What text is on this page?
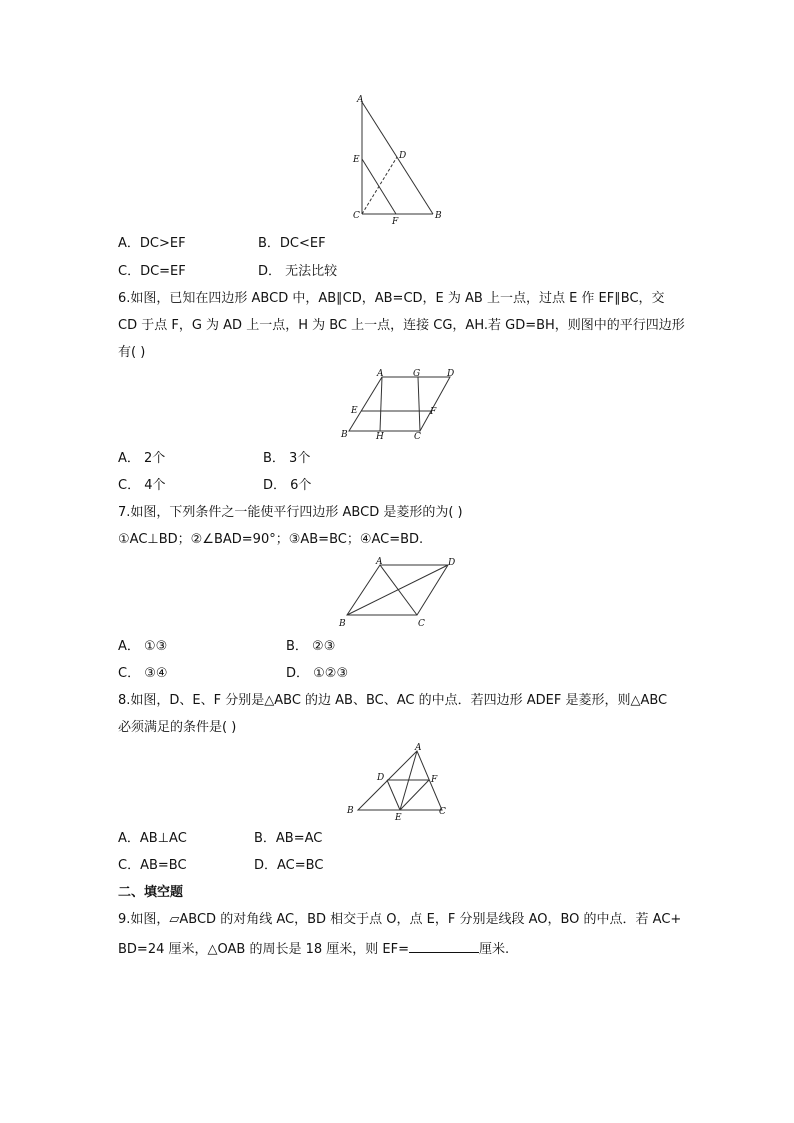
A
E	D
C
F
B
A．DC>EF	B．DC<EF
C．DC=EF	D． 无法比较
6.如图，已知在四边形 ABCD 中，AB∥CD，AB=CD，E 为 AB 上一点，过点 E 作 EF∥BC，交
CD 于点 F，G 为 AD 上一点，H 为 BC 上一点，连接 CG，AH.若 GD=BH，则图中的平行四边形
有( )
A	G	D
E	F
B	H	C
A． 2个	B． 3个
C． 4个	D． 6个
7.如图，下列条件之一能使平行四边形 ABCD 是菱形的为( )
①AC⊥BD；②∠BAD=90°；③AB=BC；④AC=BD.
A	D
B	C
A． ①③	B． ②③
C． ③④	D． ①②③
8.如图，D、E、F 分别是△ABC 的边 AB、BC、AC 的中点．若四边形 ADEF 是菱形，则△ABC
必须满足的条件是( )
A
D	F
B
E
C
A．AB⊥AC	B．AB=AC
C．AB=BC	D．AC=BC
二、填空题
9.如图，▱ABCD 的对角线 AC，BD 相交于点 O，点 E，F 分别是线段 AO，BO 的中点．若 AC+
BD=24 厘米，△OAB 的周长是 18 厘米，则 EF=	厘米.
